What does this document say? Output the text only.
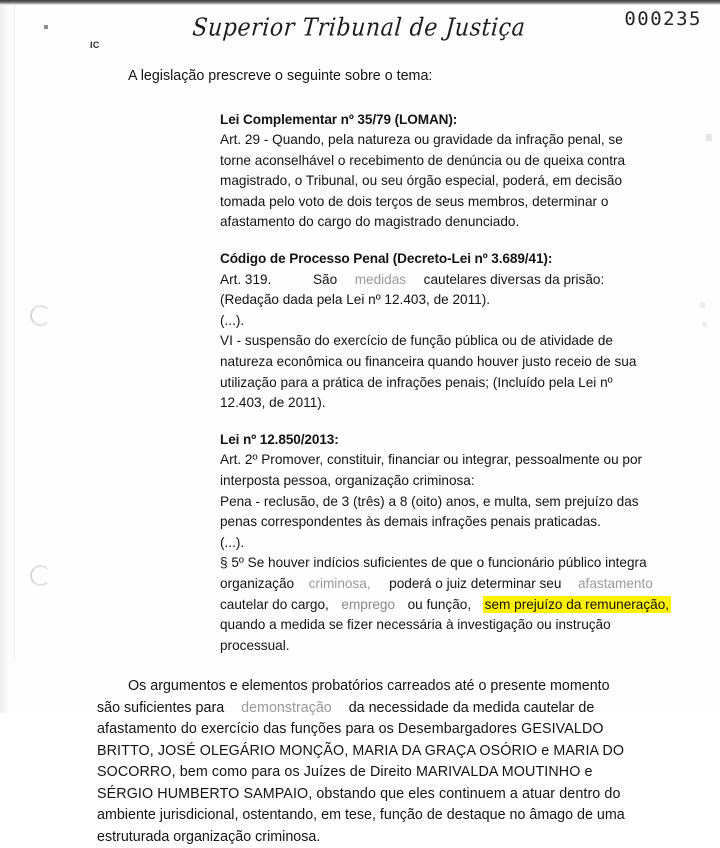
000235
Superior Tribunal de Justiça
IC

A legislação prescreve o seguinte sobre o tema:

Lei Complementar nº 35/79 (LOMAN):
Art. 29 - Quando, pela natureza ou gravidade da infração penal, se
torne aconselhável o recebimento de denúncia ou de queixa contra
magistrado, o Tribunal, ou seu órgão especial, poderá, em decisão
tomada pelo voto de dois terços de seus membros, determinar o
afastamento do cargo do magistrado denunciado.
Código de Processo Penal (Decreto-Lei nº 3.689/41):
Art. 319.	São medidas cautelares diversas da prisão:
(Redação dada pela Lei nº 12.403, de 2011).
(...).
VI - suspensão do exercício de função pública ou de atividade de
natureza econômica ou financeira quando houver justo receio de sua
utilização para a prática de infrações penais; (Incluído pela Lei nº
12.403, de 2011).
Lei nº 12.850/2013:
Art. 2º Promover, constituir, financiar ou integrar, pessoalmente ou por
interposta pessoa, organização criminosa:
Pena - reclusão, de 3 (três) a 8 (oito) anos, e multa, sem prejuízo das
penas correspondentes às demais infrações penais praticadas.
(...).
§ 5º Se houver indícios suficientes de que o funcionário público integra
organização criminosa, poderá o juiz determinar seu afastamento
cautelar do cargo, emprego ou função, sem prejuízo da remuneração,
quando a medida se fizer necessária à investigação ou instrução
processual.
Os argumentos e elementos probatórios carreados até o presente momento
são suficientes para demonstração da necessidade da medida cautelar de
afastamento do exercício das funções para os Desembargadores GESIVALDO
BRITTO, JOSÉ OLEGÁRIO MONÇÃO, MARIA DA GRAÇA OSÓRIO e MARIA DO
SOCORRO, bem como para os Juízes de Direito MARIVALDA MOUTINHO e
SÉRGIO HUMBERTO SAMPAIO, obstando que eles continuem a atuar dentro do
ambiente jurisdicional, ostentando, em tese, função de destaque no âmago de uma
estruturada organização criminosa.
